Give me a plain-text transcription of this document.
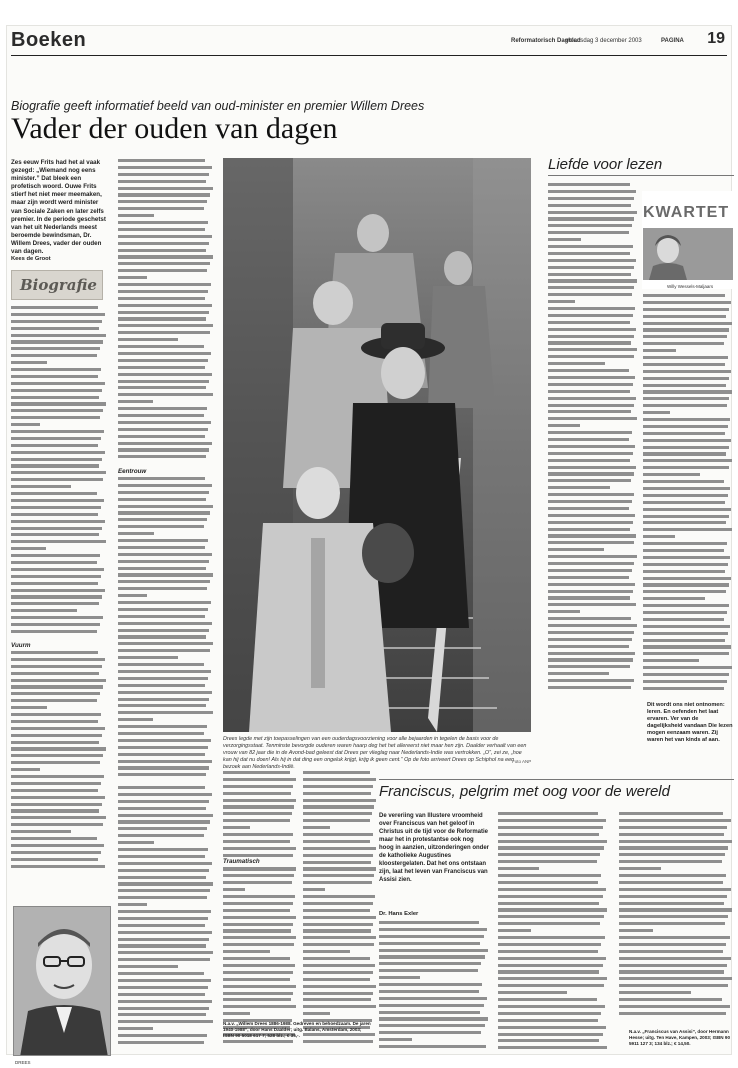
Boeken	Reformatorisch Dagblad
woensdag 3 december 2003	PAGINA 19
Biografie geeft informatief beeld van oud-minister en premier Willem Drees
Vader der ouden van dagen
Zes eeuw Frits had het al vaak gezegd: „Wiemand nog eens minister.” Dat bleek een profetisch woord. Ouwe Frits stierf het niet meer meemaken, maar zijn wordt werd minister van Sociale Zaken en later zelfs premier. In de periode geschetst van het uit Nederlands meest beroemde bewindsman, Dr. Willem Drees, vader der ouden van dagen.
Kees de Groot
Biografie
Vuurm
Eentrouw
Drees legde met zijn toepasselingen van een ouderdagsvoorziening voor alle bejaarden in tegelen de basis voor de verzorgingsstaat. Tenminste bevorgde ouderen waren haarp deg het het allereerst niet maar hen zijn. Daalder verhaalt van een vrouw van 82 jaar die in de Avond-bad geleest dat Drees per vlieglag naar Nederlands-Indie was vertrokken. „O”, zei ze, „hoe kan hij dat nu doen! Als hij in dat ding een ongeluk krijgt, krijg ik geen cent.” Op de foto arriveert Drees op Schiphol na een bezoek aan Nederlands-Indië.
Foto ANP
Traumatisch
DREES
Liefde voor lezen
KWARTET
Willy Wessels-Maljaars
Dit wordt ons niet ontnomen: leren. En oefenden het laat ervaren. Ver van de dagelijksheid vandaan Die lezen mogen eenzaam waren. Zij waren het van kinds af aan.
Franciscus, pelgrim met oog voor de wereld
De vereriing van Illustere vroomheid over Franciscus van het geloof in Christus uit de tijd voor de Reformatie maar het in protestantse ook nog hoog in aanzien, uitzonderingen onder de katholieke Augustines kloostergelaten. Dat het ons ontstaan zijn, laat het leven van Franciscus van Assisi zien.
Dr. Hans Exler
N.a.v. „Willem Drees 1886-1988. Gedreven en behoedzaam. De jaren 1940-1988”, door Hans Daalder; uitg. Balans, Amsterdam, 2003; ISBN 90 5018 617 7; 528 blz.; € 35,-.
N.a.v. „Franciscus van Assisi”, door Hermann Hesse; uitg. Ten Have, Kampen, 2003; ISBN 90 5911 127 3; 134 blz.; € 14,50.
